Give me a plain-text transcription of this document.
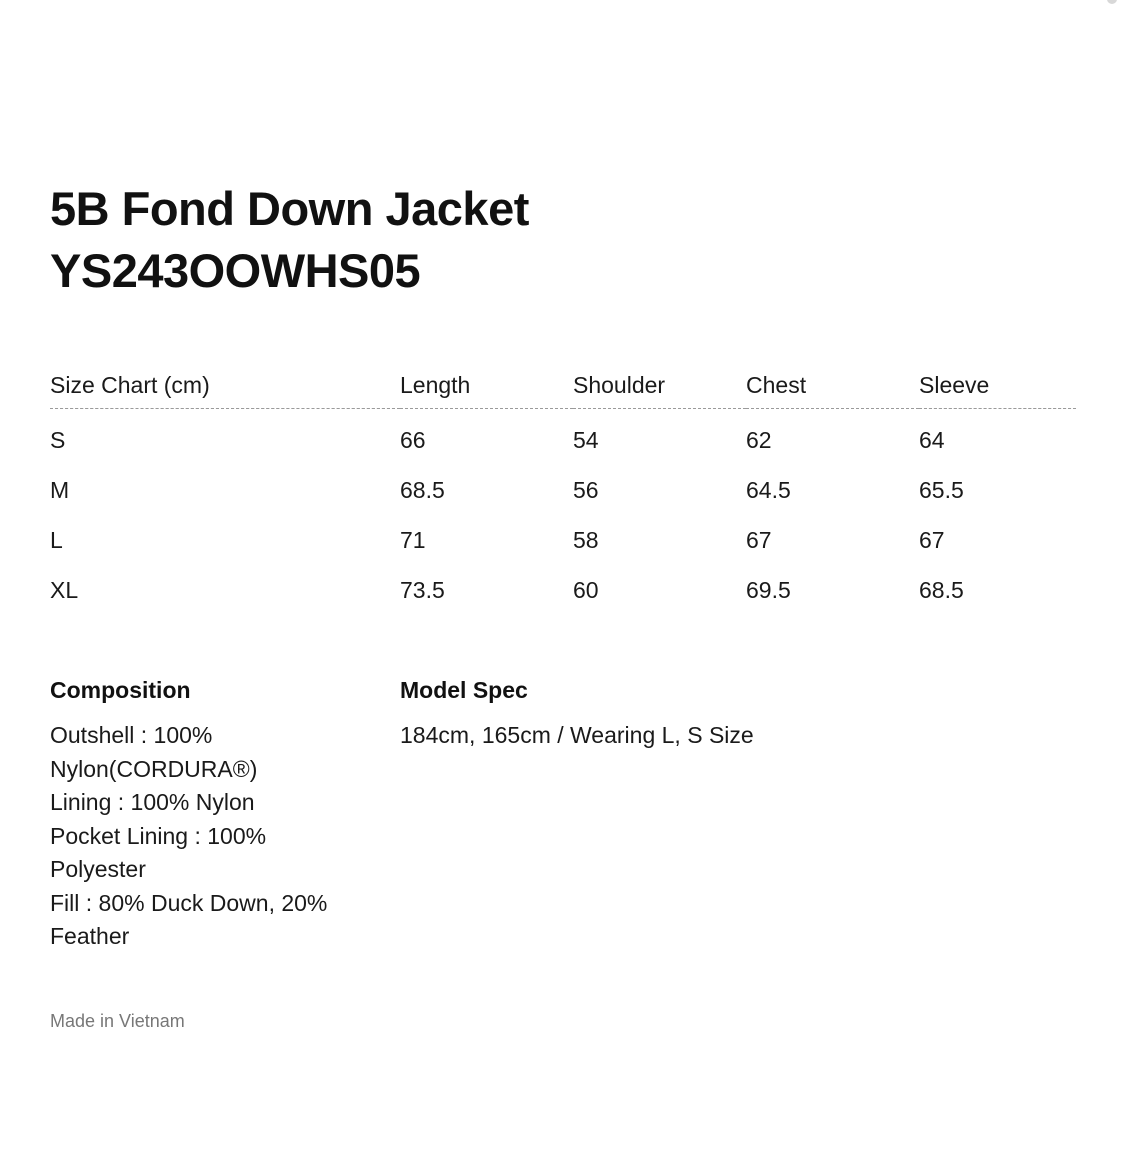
5B Fond Down Jacket
YS243OOWHS05
Size Chart (cm)	Length	Shoulder	Chest	Sleeve
S	66	54	62	64
M	68.5	56	64.5	65.5
L	71	58	67	67
XL	73.5	60	69.5	68.5
Composition
Outshell : 100%
Nylon(CORDURA®)
Lining : 100% Nylon
Pocket Lining : 100%
Polyester
Fill : 80% Duck Down, 20%
Feather
Model Spec
184cm, 165cm / Wearing L, S Size
Made in Vietnam
